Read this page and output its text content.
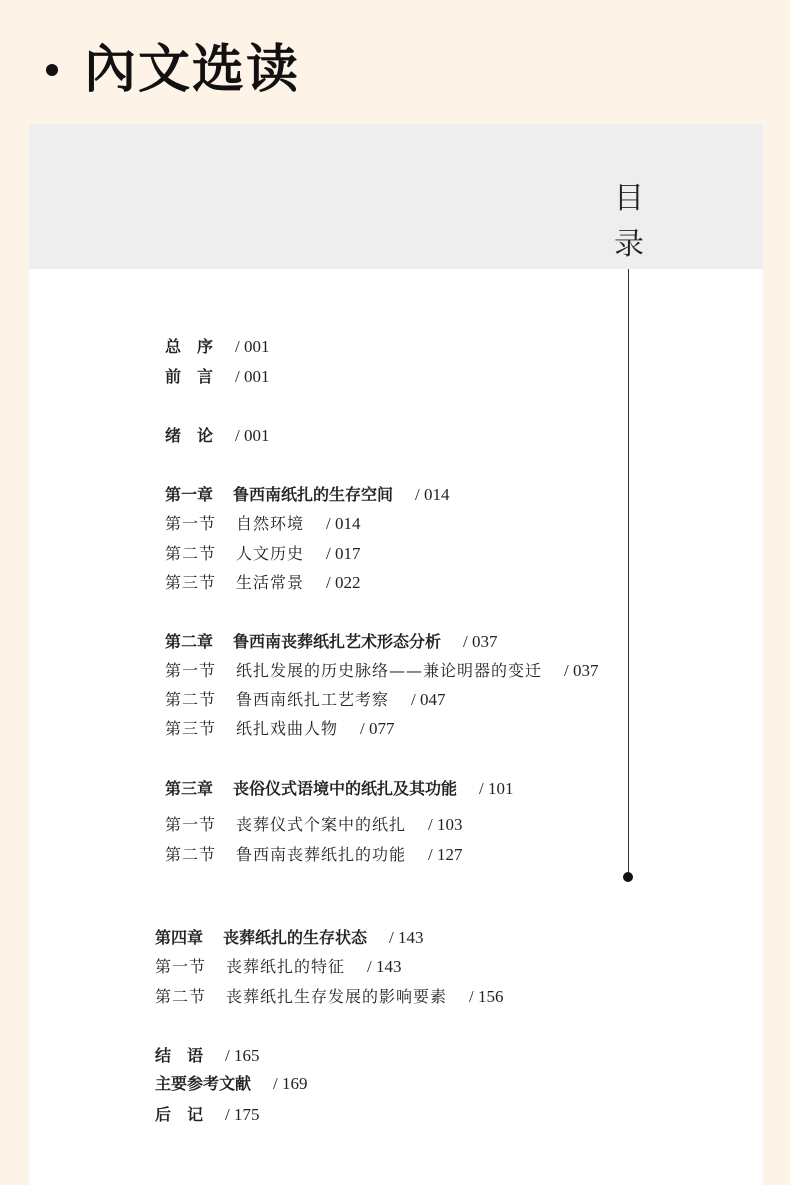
內文选读
目
录
总　序 / 001
前　言 / 001
绪　论 / 001
第一章 鲁西南纸扎的生存空间 / 014
第一节 自然环境 / 014
第二节 人文历史 / 017
第三节 生活常景 / 022
第二章 鲁西南丧葬纸扎艺术形态分析 / 037
第一节 纸扎发展的历史脉络——兼论明器的变迁 / 037
第二节 鲁西南纸扎工艺考察 / 047
第三节 纸扎戏曲人物 / 077
第三章 丧俗仪式语境中的纸扎及其功能 / 101
第一节 丧葬仪式个案中的纸扎 / 103
第二节 鲁西南丧葬纸扎的功能 / 127
第四章 丧葬纸扎的生存状态 / 143
第一节 丧葬纸扎的特征 / 143
第二节 丧葬纸扎生存发展的影响要素 / 156
结　语 / 165
主要参考文献 / 169
后　记 / 175
